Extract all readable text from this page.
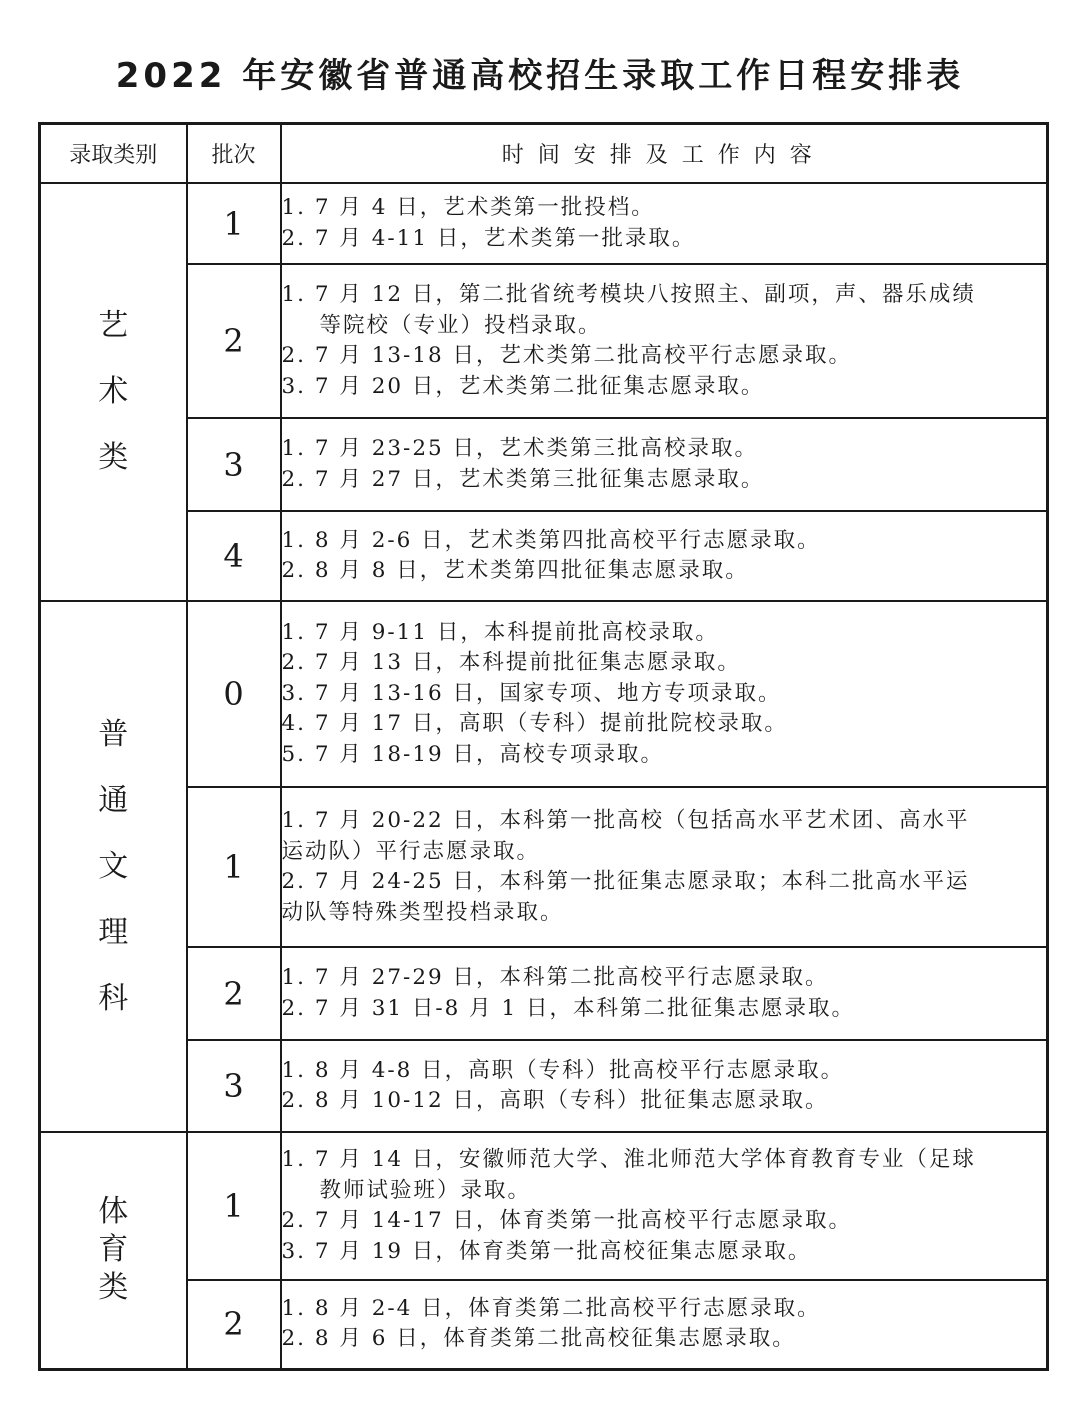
2022 年安徽省普通高校招生录取工作日程安排表
录取类别	批次	时间安排及工作内容
艺术类	1	1. 7 月 4 日，艺术类第一批投档。
2. 7 月 4-11 日，艺术类第一批录取。

	2	1. 7 月 12 日，第二批省统考模块八按照主、副项，声、器乐成绩
等院校（专业）投档录取。
2. 7 月 13-18 日，艺术类第二批高校平行志愿录取。
3. 7 月 20 日，艺术类第二批征集志愿录取。

	3	1. 7 月 23-25 日，艺术类第三批高校录取。
2. 7 月 27 日，艺术类第三批征集志愿录取。

	4	1. 8 月 2-6 日，艺术类第四批高校平行志愿录取。
2. 8 月 8 日，艺术类第四批征集志愿录取。

普通文理科	0	1. 7 月 9-11 日，本科提前批高校录取。
2. 7 月 13 日，本科提前批征集志愿录取。
3. 7 月 13-16 日，国家专项、地方专项录取。
4. 7 月 17 日，高职（专科）提前批院校录取。
5. 7 月 18-19 日，高校专项录取。

	1	1. 7 月 20-22 日，本科第一批高校（包括高水平艺术团、高水平
运动队）平行志愿录取。
2. 7 月 24-25 日，本科第一批征集志愿录取；本科二批高水平运
动队等特殊类型投档录取。

	2	1. 7 月 27-29 日，本科第二批高校平行志愿录取。
2. 7 月 31 日-8 月 1 日，本科第二批征集志愿录取。

	3	1. 8 月 4-8 日，高职（专科）批高校平行志愿录取。
2. 8 月 10-12 日，高职（专科）批征集志愿录取。

体育类	1	1. 7 月 14 日，安徽师范大学、淮北师范大学体育教育专业（足球
教师试验班）录取。
2. 7 月 14-17 日，体育类第一批高校平行志愿录取。
3. 7 月 19 日，体育类第一批高校征集志愿录取。

	2	1. 8 月 2-4 日，体育类第二批高校平行志愿录取。
2. 8 月 6 日，体育类第二批高校征集志愿录取。
